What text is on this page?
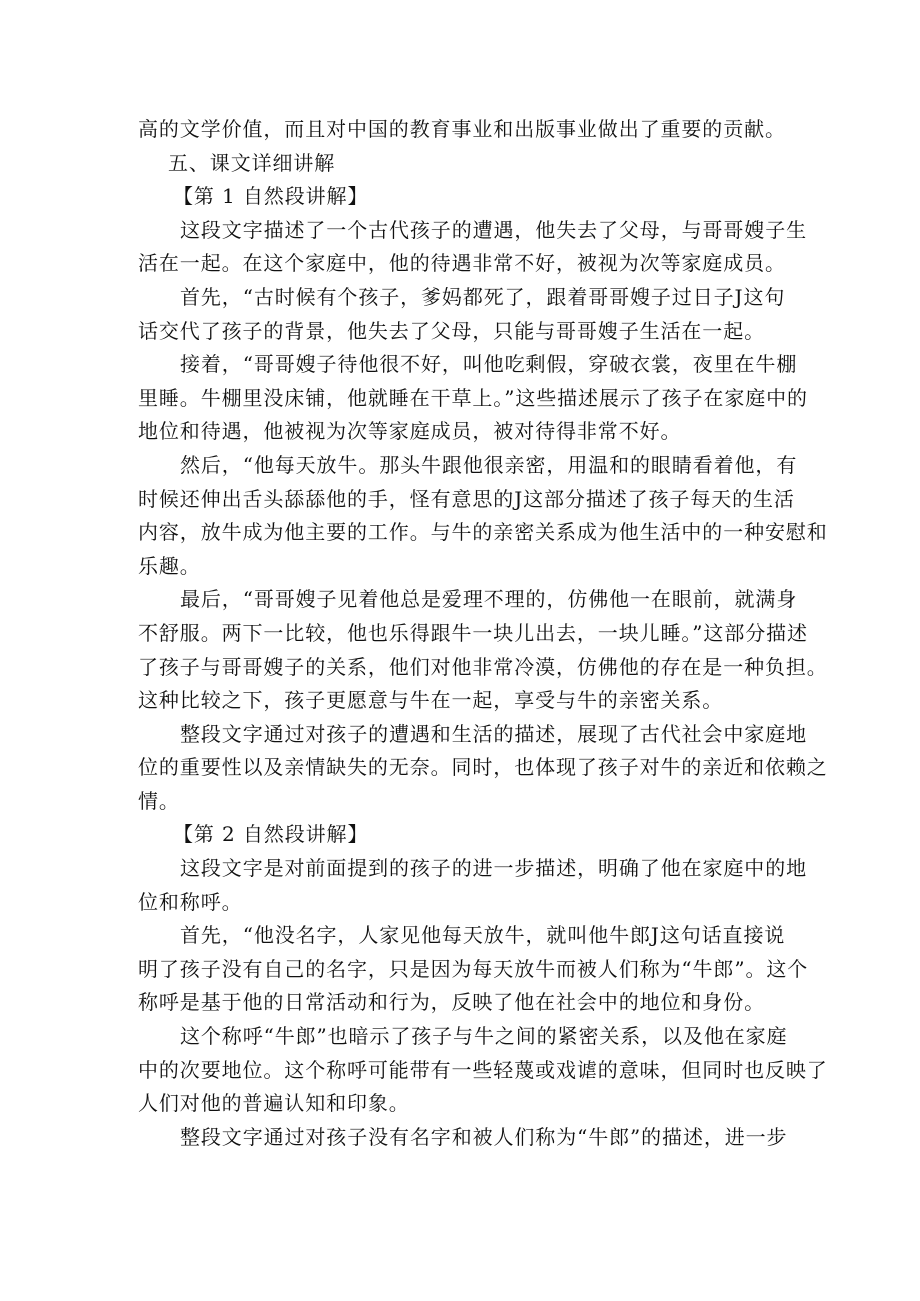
高的文学价值，而且对中国的教育事业和出版事业做出了重要的贡献。
五、课文详细讲解
【第 1 自然段讲解】
这段文字描述了一个古代孩子的遭遇，他失去了父母，与哥哥嫂子生
活在一起。在这个家庭中，他的待遇非常不好，被视为次等家庭成员。
首先，“古时候有个孩子，爹妈都死了，跟着哥哥嫂子过日子J这句
话交代了孩子的背景，他失去了父母，只能与哥哥嫂子生活在一起。
接着，“哥哥嫂子待他很不好，叫他吃剩假，穿破衣裳，夜里在牛棚
里睡。牛棚里没床铺，他就睡在干草上。”这些描述展示了孩子在家庭中的
地位和待遇，他被视为次等家庭成员，被对待得非常不好。
然后，“他每天放牛。那头牛跟他很亲密，用温和的眼睛看着他，有
时候还伸出舌头舔舔他的手，怪有意思的J这部分描述了孩子每天的生活
内容，放牛成为他主要的工作。与牛的亲密关系成为他生活中的一种安慰和
乐趣。
最后，“哥哥嫂子见着他总是爱理不理的，仿佛他一在眼前，就满身
不舒服。两下一比较，他也乐得跟牛一块儿出去，一块儿睡。”这部分描述
了孩子与哥哥嫂子的关系，他们对他非常冷漠，仿佛他的存在是一种负担。
这种比较之下，孩子更愿意与牛在一起，享受与牛的亲密关系。
整段文字通过对孩子的遭遇和生活的描述，展现了古代社会中家庭地
位的重要性以及亲情缺失的无奈。同时，也体现了孩子对牛的亲近和依赖之
情。
【第 2 自然段讲解】
这段文字是对前面提到的孩子的进一步描述，明确了他在家庭中的地
位和称呼。
首先，“他没名字，人家见他每天放牛，就叫他牛郎J这句话直接说
明了孩子没有自己的名字，只是因为每天放牛而被人们称为“牛郎”。这个
称呼是基于他的日常活动和行为，反映了他在社会中的地位和身份。
这个称呼“牛郎”也暗示了孩子与牛之间的紧密关系，以及他在家庭
中的次要地位。这个称呼可能带有一些轻蔑或戏谑的意味，但同时也反映了
人们对他的普遍认知和印象。
整段文字通过对孩子没有名字和被人们称为“牛郎”的描述，进一步
